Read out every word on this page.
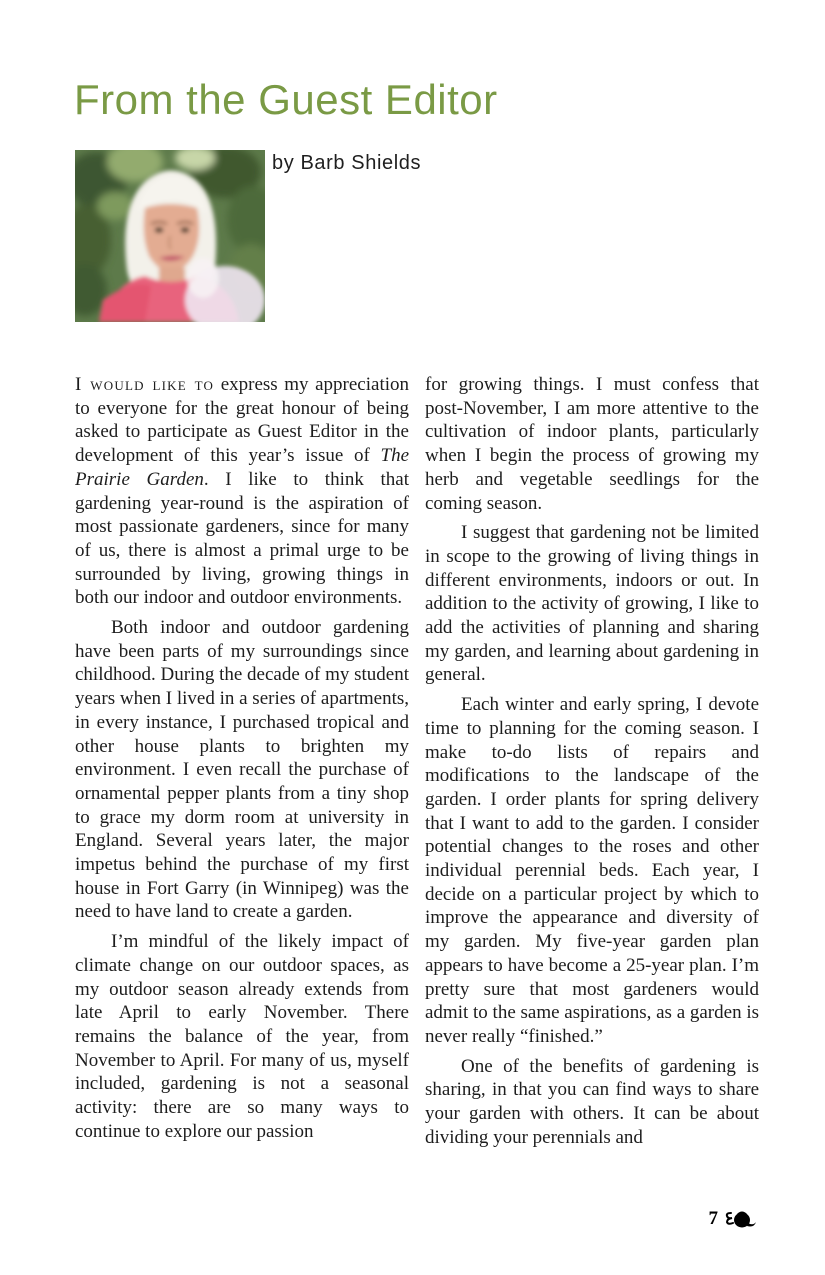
From the Guest Editor
by Barb Shields

I would like to express my appreciation to everyone for the great honour of being asked to participate as Guest Editor in the development of this year’s issue of The Prairie Garden. I like to think that gardening year-round is the aspiration of most passionate gardeners, since for many of us, there is almost a primal urge to be surrounded by living, growing things in both our indoor and outdoor environments.

Both indoor and outdoor gardening have been parts of my surroundings since childhood. During the decade of my student years when I lived in a series of apartments, in every instance, I purchased tropical and other house plants to brighten my environment. I even recall the purchase of ornamental pepper plants from a tiny shop to grace my dorm room at university in England. Several years later, the major impetus behind the purchase of my first house in Fort Garry (in Winnipeg) was the need to have land to create a garden.

I’m mindful of the likely impact of climate change on our outdoor spaces, as my outdoor season already extends from late April to early November. There remains the balance of the year, from November to April. For many of us, myself included, gardening is not a seasonal activity: there are so many ways to continue to explore our passion

for growing things. I must confess that post-November, I am more attentive to the cultivation of indoor plants, particularly when I begin the process of growing my herb and vegetable seedlings for the coming season.

I suggest that gardening not be limited in scope to the growing of living things in different environments, indoors or out. In addition to the activity of growing, I like to add the activities of planning and sharing my garden, and learning about gardening in general.

Each winter and early spring, I devote time to planning for the coming season. I make to-do lists of repairs and modifications to the landscape of the garden. I order plants for spring delivery that I want to add to the garden. I consider potential changes to the roses and other individual perennial beds. Each year, I decide on a particular project by which to improve the appearance and diversity of my garden. My five-year garden plan appears to have become a 25-year plan. I’m pretty sure that most gardeners would admit to the same aspirations, as a garden is never really “finished.”

One of the benefits of gardening is sharing, in that you can find ways to share your garden with others. It can be about dividing your perennials and

7
